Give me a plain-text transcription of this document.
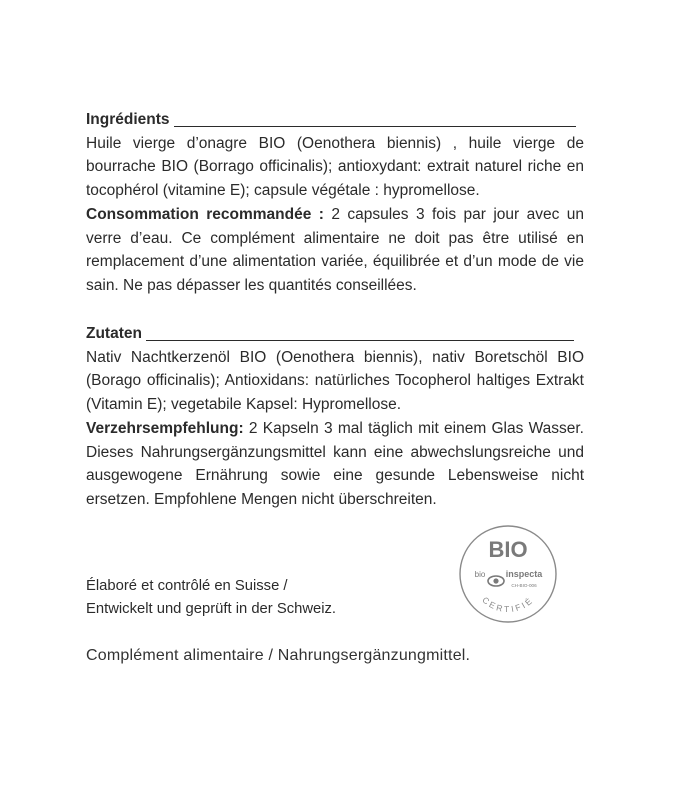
Ingrédients

Huile vierge d’onagre BIO (Oenothera biennis) , huile vierge de bourrache BIO (Borrago officinalis); antioxydant: extrait naturel riche en tocophérol (vitamine E); capsule végétale : hypromellose.

Consommation recommandée : 2 capsules 3 fois par jour avec un verre d’eau. Ce complément alimentaire ne doit pas être utilisé en remplacement d’une alimentation variée, équilibrée et d’un mode de vie sain. Ne pas dépasser les quantités conseillées.

Zutaten

Nativ Nachtkerzenöl BIO (Oenothera biennis), nativ Boretschöl BIO (Borago officinalis); Antioxidans: natürliches Tocopherol haltiges Extrakt (Vitamin E); vegetabile Kapsel: Hypromellose.

Verzehrsempfehlung: 2 Kapseln 3 mal täglich mit einem Glas Wasser. Dieses Nahrungsergänzungsmittel kann eine abwechslungsreiche und ausgewogene Ernährung sowie eine gesunde Lebensweise nicht ersetzen. Empfohlene Mengen nicht überschreiten.

Élaboré et contrôlé en Suisse /
Entwickelt und geprüft in der Schweiz.
Complément alimentaire / Nahrungsergänzungmittel.
BIO
bio inspecta
CH-BIO-006
CERTIFIÉ
